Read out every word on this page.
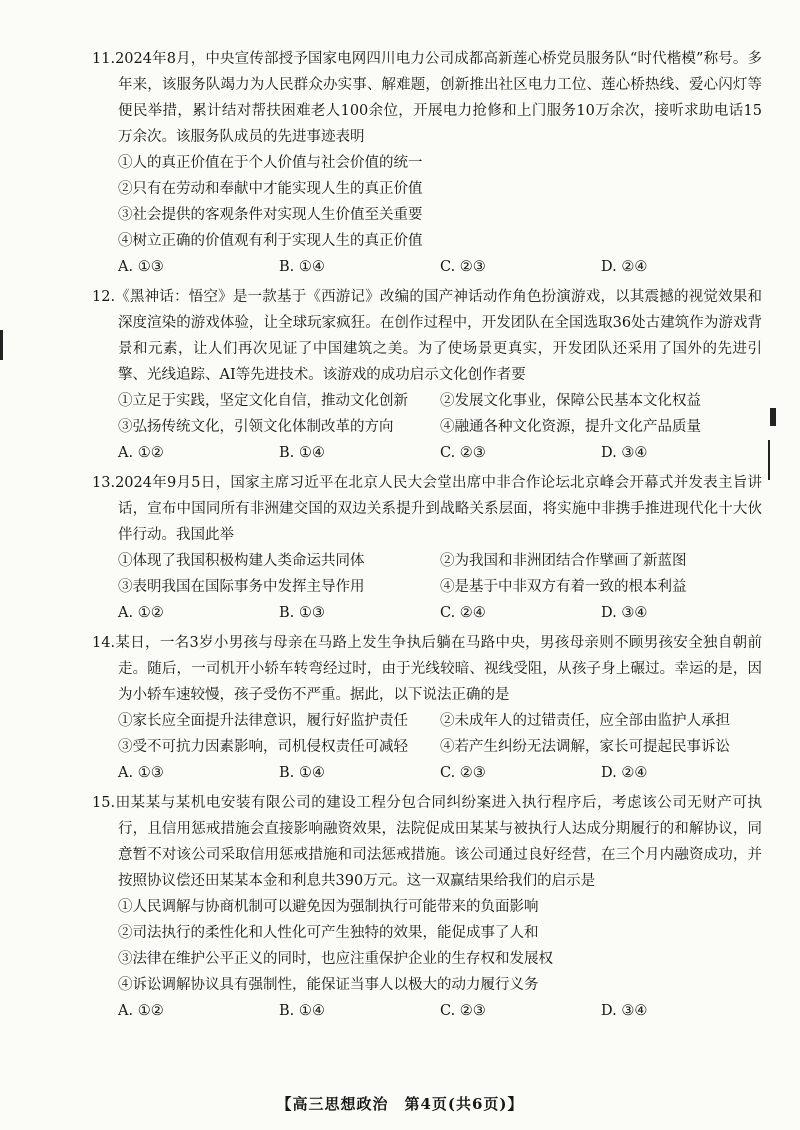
11.2024年8月，中央宣传部授予国家电网四川电力公司成都高新莲心桥党员服务队“时代楷模”称号。多年来，该服务队竭力为人民群众办实事、解难题，创新推出社区电力工位、莲心桥热线、爱心闪灯等便民举措，累计结对帮扶困难老人100余位，开展电力抢修和上门服务10万余次，接听求助电话15万余次。该服务队成员的先进事迹表明

①人的真正价值在于个人价值与社会价值的统一

②只有在劳动和奉献中才能实现人生的真正价值

③社会提供的客观条件对实现人生价值至关重要

④树立正确的价值观有利于实现人生的真正价值

A. ①③	B. ①④	C. ②③	D. ②④

12.《黑神话：悟空》是一款基于《西游记》改编的国产神话动作角色扮演游戏，以其震撼的视觉效果和深度渲染的游戏体验，让全球玩家疯狂。在创作过程中，开发团队在全国选取36处古建筑作为游戏背景和元素，让人们再次见证了中国建筑之美。为了使场景更真实，开发团队还采用了国外的先进引擎、光线追踪、AI等先进技术。该游戏的成功启示文化创作者要

①立足于实践，坚定文化自信，推动文化创新	②发展文化事业，保障公民基本文化权益
③弘扬传统文化，引领文化体制改革的方向	④融通各种文化资源，提升文化产品质量
A. ①②	B. ①④	C. ②③	D. ③④

13.2024年9月5日，国家主席习近平在北京人民大会堂出席中非合作论坛北京峰会开幕式并发表主旨讲话，宣布中国同所有非洲建交国的双边关系提升到战略关系层面，将实施中非携手推进现代化十大伙伴行动。我国此举

①体现了我国积极构建人类命运共同体	②为我国和非洲团结合作擘画了新蓝图
③表明我国在国际事务中发挥主导作用	④是基于中非双方有着一致的根本利益
A. ①②	B. ①③	C. ②④	D. ③④

14.某日，一名3岁小男孩与母亲在马路上发生争执后躺在马路中央，男孩母亲则不顾男孩安全独自朝前走。随后，一司机开小轿车转弯经过时，由于光线较暗、视线受阻，从孩子身上碾过。幸运的是，因为小轿车速较慢，孩子受伤不严重。据此，以下说法正确的是

①家长应全面提升法律意识，履行好监护责任	②未成年人的过错责任，应全部由监护人承担
③受不可抗力因素影响，司机侵权责任可减轻	④若产生纠纷无法调解，家长可提起民事诉讼
A. ①③	B. ①④	C. ②③	D. ②④

15.田某某与某机电安装有限公司的建设工程分包合同纠纷案进入执行程序后，考虑该公司无财产可执行，且信用惩戒措施会直接影响融资效果，法院促成田某某与被执行人达成分期履行的和解协议，同意暂不对该公司采取信用惩戒措施和司法惩戒措施。该公司通过良好经营，在三个月内融资成功，并按照协议偿还田某某本金和利息共390万元。这一双赢结果给我们的启示是

①人民调解与协商机制可以避免因为强制执行可能带来的负面影响

②司法执行的柔性化和人性化可产生独特的效果，能促成事了人和

③法律在维护公平正义的同时，也应注重保护企业的生存权和发展权

④诉讼调解协议具有强制性，能保证当事人以极大的动力履行义务

A. ①②	B. ①④	C. ②③	D. ③④
【高三思想政治　第4页(共6页)】
